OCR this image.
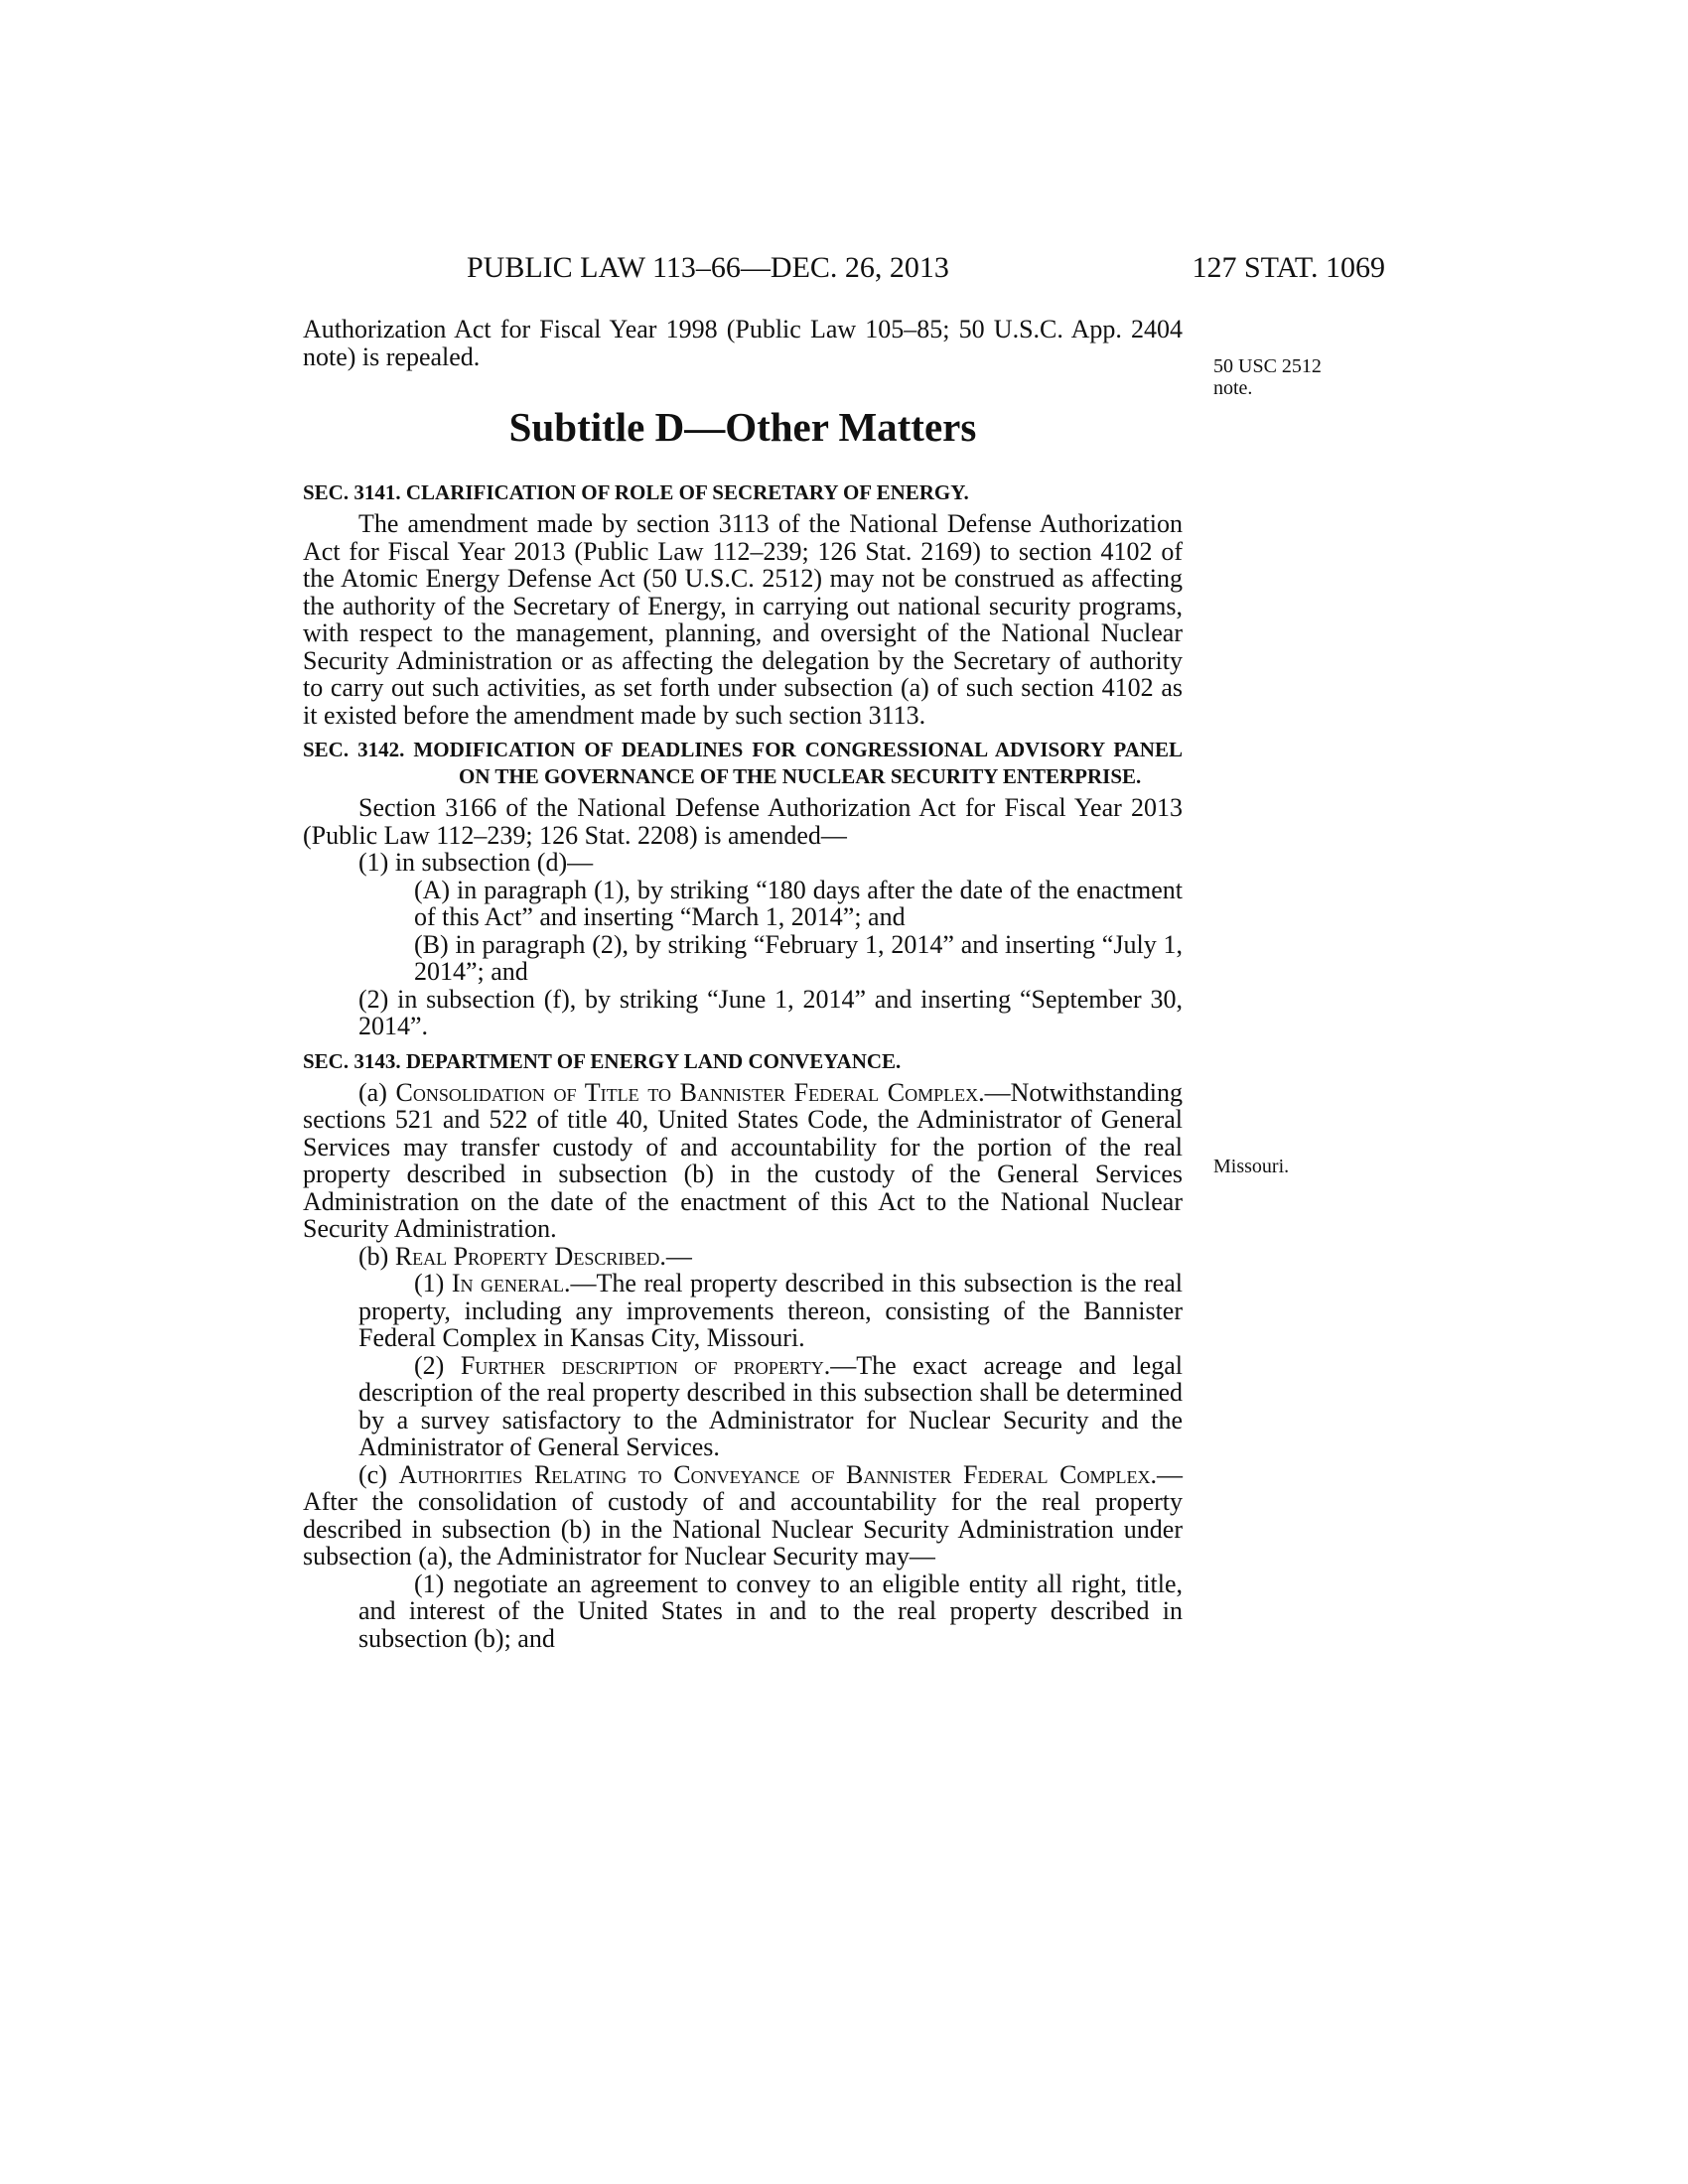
PUBLIC LAW 113–66—DEC. 26, 2013	127 STAT. 1069
50 USC 2512
note.
Missouri.

Authorization Act for Fiscal Year 1998 (Public Law 105–85; 50 U.S.C. App. 2404 note) is repealed.

Subtitle D—Other Matters
SEC. 3141. CLARIFICATION OF ROLE OF SECRETARY OF ENERGY.

The amendment made by section 3113 of the National Defense Authorization Act for Fiscal Year 2013 (Public Law 112–239; 126 Stat. 2169) to section 4102 of the Atomic Energy Defense Act (50 U.S.C. 2512) may not be construed as affecting the authority of the Secretary of Energy, in carrying out national security programs, with respect to the management, planning, and oversight of the National Nuclear Security Administration or as affecting the delegation by the Secretary of authority to carry out such activities, as set forth under subsection (a) of such section 4102 as it existed before the amendment made by such section 3113.

SEC. 3142. MODIFICATION OF DEADLINES FOR CONGRESSIONAL ADVISORY PANEL ON THE GOVERNANCE OF THE NUCLEAR SECURITY ENTERPRISE.

Section 3166 of the National Defense Authorization Act for Fiscal Year 2013 (Public Law 112–239; 126 Stat. 2208) is amended—

(1) in subsection (d)—

(A) in paragraph (1), by striking “180 days after the date of the enactment of this Act” and inserting “March 1, 2014”; and

(B) in paragraph (2), by striking “February 1, 2014” and inserting “July 1, 2014”; and

(2) in subsection (f), by striking “June 1, 2014” and inserting “September 30, 2014”.

SEC. 3143. DEPARTMENT OF ENERGY LAND CONVEYANCE.

(a) Consolidation of Title to Bannister Federal Complex.—Notwithstanding sections 521 and 522 of title 40, United States Code, the Administrator of General Services may transfer custody of and accountability for the portion of the real property described in subsection (b) in the custody of the General Services Administration on the date of the enactment of this Act to the National Nuclear Security Administration.

(b) Real Property Described.—

(1) In general.—The real property described in this subsection is the real property, including any improvements thereon, consisting of the Bannister Federal Complex in Kansas City, Missouri.

(2) Further description of property.—The exact acreage and legal description of the real property described in this subsection shall be determined by a survey satisfactory to the Administrator for Nuclear Security and the Administrator of General Services.

(c) Authorities Relating to Conveyance of Bannister Federal Complex.—After the consolidation of custody of and accountability for the real property described in subsection (b) in the National Nuclear Security Administration under subsection (a), the Administrator for Nuclear Security may—

(1) negotiate an agreement to convey to an eligible entity all right, title, and interest of the United States in and to the real property described in subsection (b); and
